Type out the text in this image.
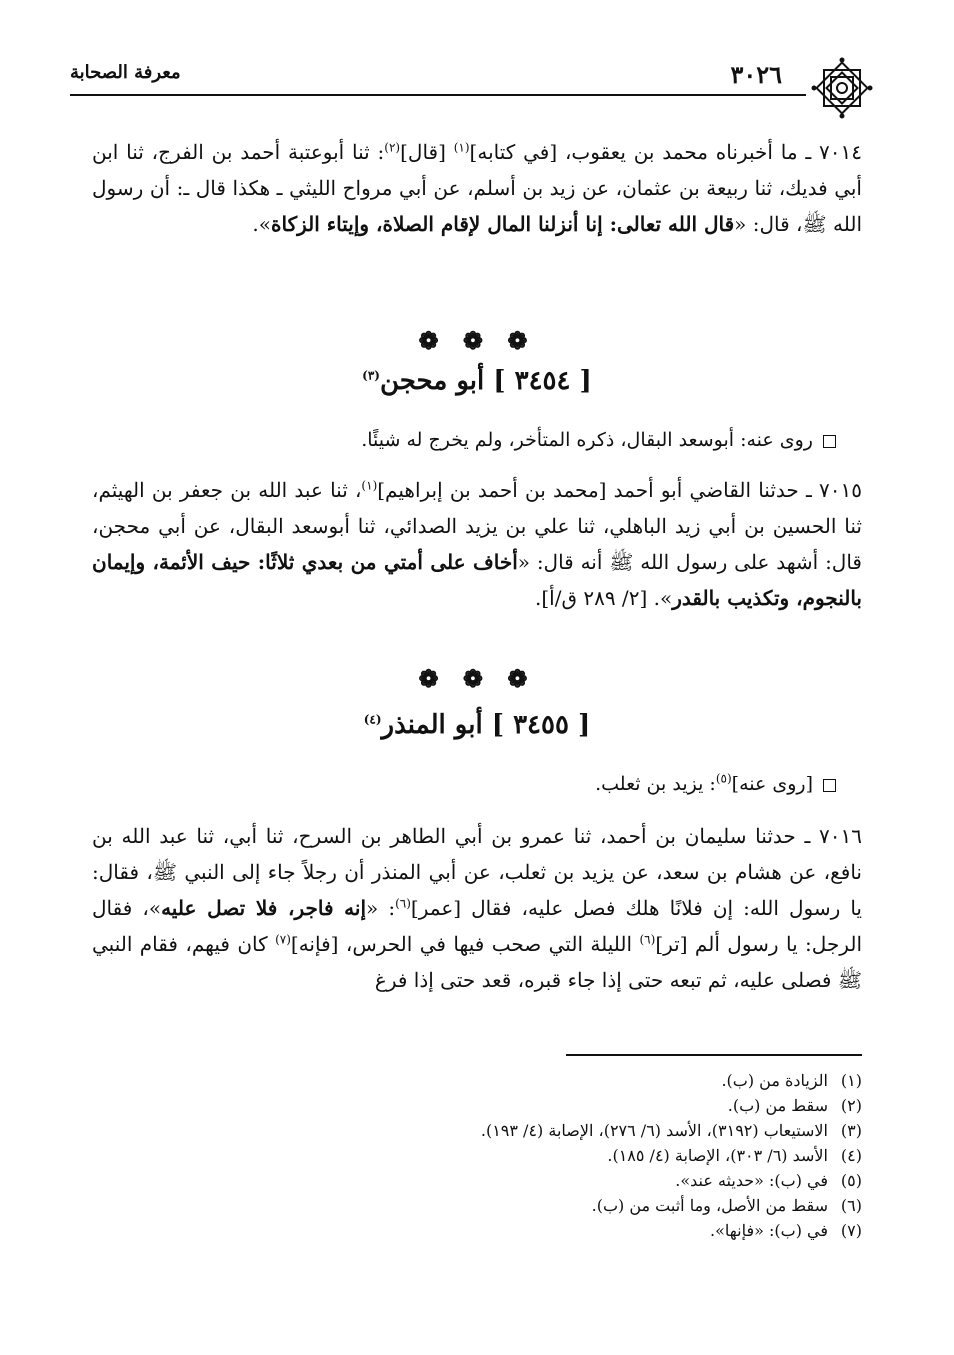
٣٠٢٦
معرفة الصحابة

٧٠١٤ ـ ما أخبرناه محمد بن يعقوب، [في كتابه]$^{(١)}$ [قال]$^{(٢)}$: ثنا أبوعتبة أحمد بن الفرج، ثنا ابن أبي فديك، ثنا ربيعة بن عثمان، عن زيد بن أسلم، عن أبي مرواح الليثي ـ هكذا قال ـ: أن رسول الله ﷺ، قال: «قال الله تعالى: إنا أنزلنا المال لإقام الصلاة، وإيتاء الزكاة».

❁ ❁ ❁
[ ٣٤٥٤ ] أبو محجن$^{(٣)}$
روى عنه: أبوسعد البقال، ذكره المتأخر، ولم يخرج له شيئًا.

٧٠١٥ ـ حدثنا القاضي أبو أحمد [محمد بن أحمد بن إبراهيم]$^{(١)}$، ثنا عبد الله بن جعفر بن الهيثم، ثنا الحسين بن أبي زيد الباهلي، ثنا علي بن يزيد الصدائي، ثنا أبوسعد البقال، عن أبي محجن، قال: أشهد على رسول الله ﷺ أنه قال: «أخاف على أمتي من بعدي ثلاثًا: حيف الأئمة، وإيمان بالنجوم، وتكذيب بالقدر». [٢/ ٢٨٩ ق/أ].

❁ ❁ ❁
[ ٣٤٥٥ ] أبو المنذر$^{(٤)}$
[روى عنه]$^{(٥)}$: يزيد بن ثعلب.

٧٠١٦ ـ حدثنا سليمان بن أحمد، ثنا عمرو بن أبي الطاهر بن السرح، ثنا أبي، ثنا عبد الله بن نافع، عن هشام بن سعد، عن يزيد بن ثعلب، عن أبي المنذر أن رجلاً جاء إلى النبي ﷺ، فقال: يا رسول الله: إن فلانًا هلك فصل عليه، فقال [عمر]$^{(٦)}$: «إنه فاجر، فلا تصل عليه»، فقال الرجل: يا رسول ألم [تر]$^{(٦)}$ الليلة التي صحب فيها في الحرس، [فإنه]$^{(٧)}$ كان فيهم، فقام النبي ﷺ فصلى عليه، ثم تبعه حتى إذا جاء قبره، قعد حتى إذا فرغ

(١)الزيادة من (ب).
(٢)سقط من (ب).
(٣)الاستيعاب (٣١٩٢)، الأسد (٦/ ٢٧٦)، الإصابة (٤/ ١٩٣).
(٤)الأسد (٦/ ٣٠٣)، الإصابة (٤/ ١٨٥).
(٥)في (ب): «حديثه عند».
(٦)سقط من الأصل، وما أثبت من (ب).
(٧)في (ب): «فإنها».
